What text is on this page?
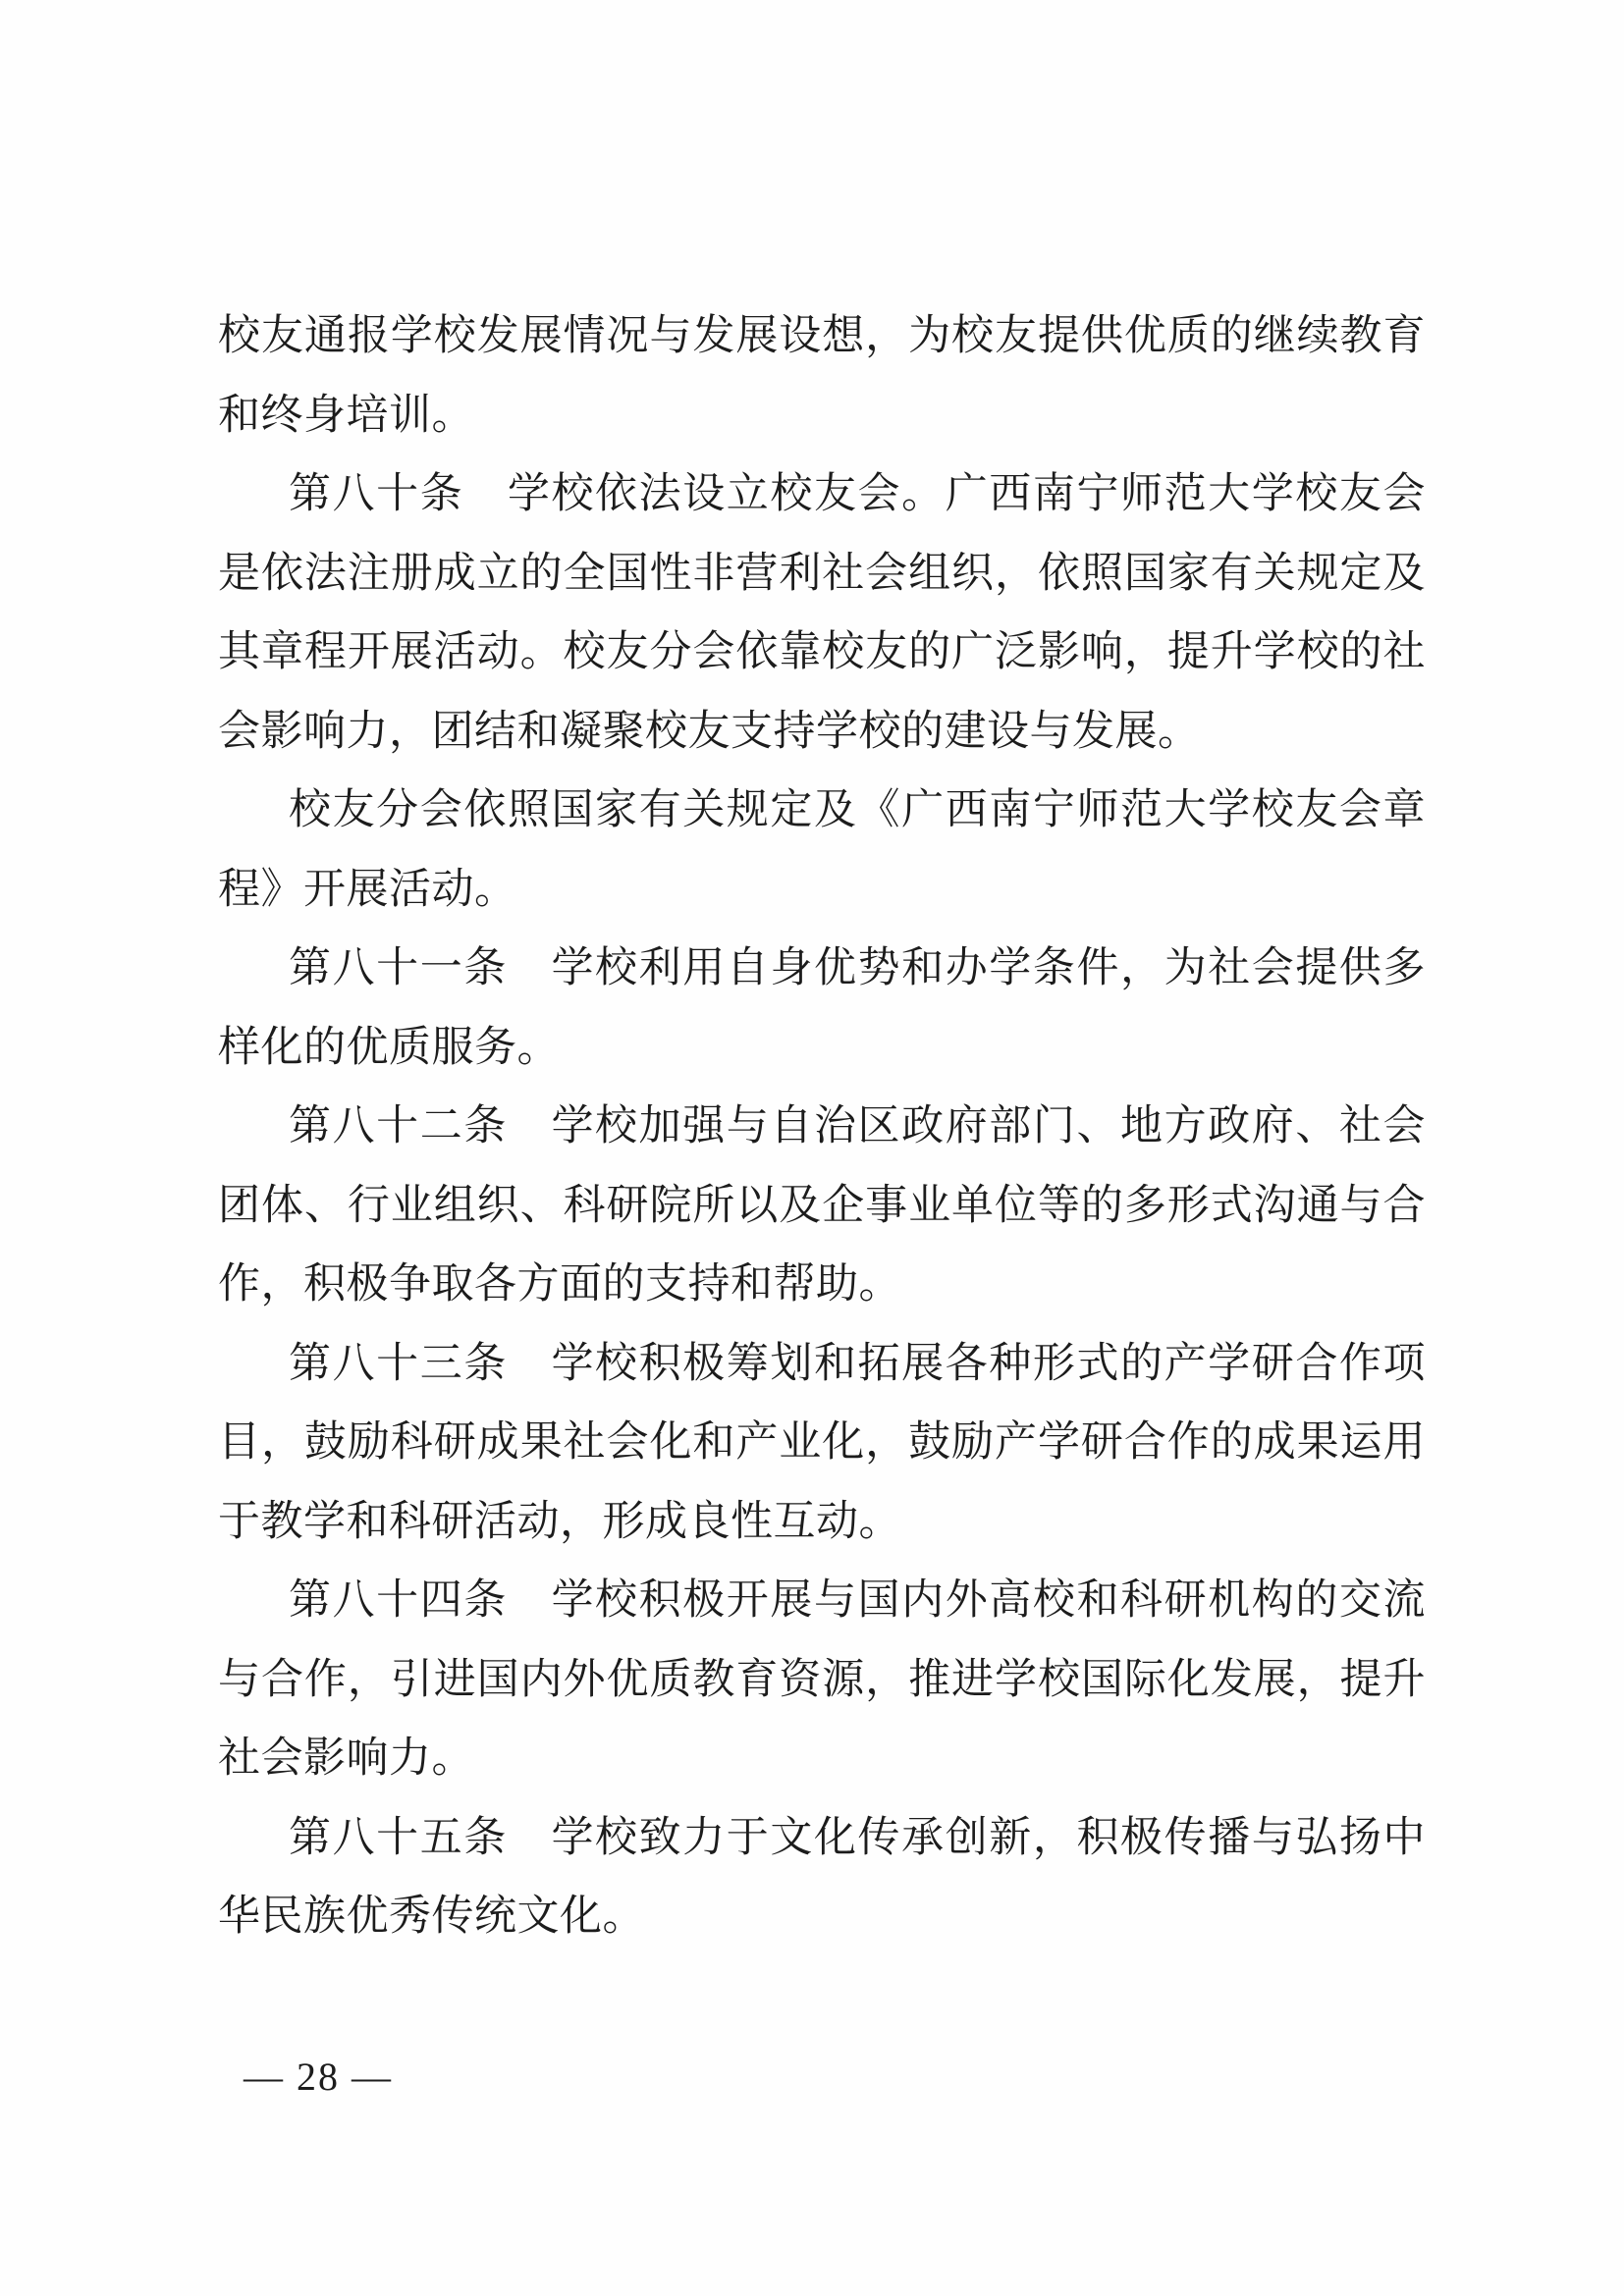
校友通报学校发展情况与发展设想，为校友提供优质的继续教育和终身培训。

第八十条　学校依法设立校友会。广西南宁师范大学校友会是依法注册成立的全国性非营利社会组织，依照国家有关规定及其章程开展活动。校友分会依靠校友的广泛影响，提升学校的社会影响力，团结和凝聚校友支持学校的建设与发展。

校友分会依照国家有关规定及《广西南宁师范大学校友会章程》开展活动。

第八十一条　学校利用自身优势和办学条件，为社会提供多样化的优质服务。

第八十二条　学校加强与自治区政府部门、地方政府、社会团体、行业组织、科研院所以及企事业单位等的多形式沟通与合作，积极争取各方面的支持和帮助。

第八十三条　学校积极筹划和拓展各种形式的产学研合作项目，鼓励科研成果社会化和产业化，鼓励产学研合作的成果运用于教学和科研活动，形成良性互动。

第八十四条　学校积极开展与国内外高校和科研机构的交流与合作，引进国内外优质教育资源，推进学校国际化发展，提升社会影响力。

第八十五条　学校致力于文化传承创新，积极传播与弘扬中华民族优秀传统文化。

— 28 —
